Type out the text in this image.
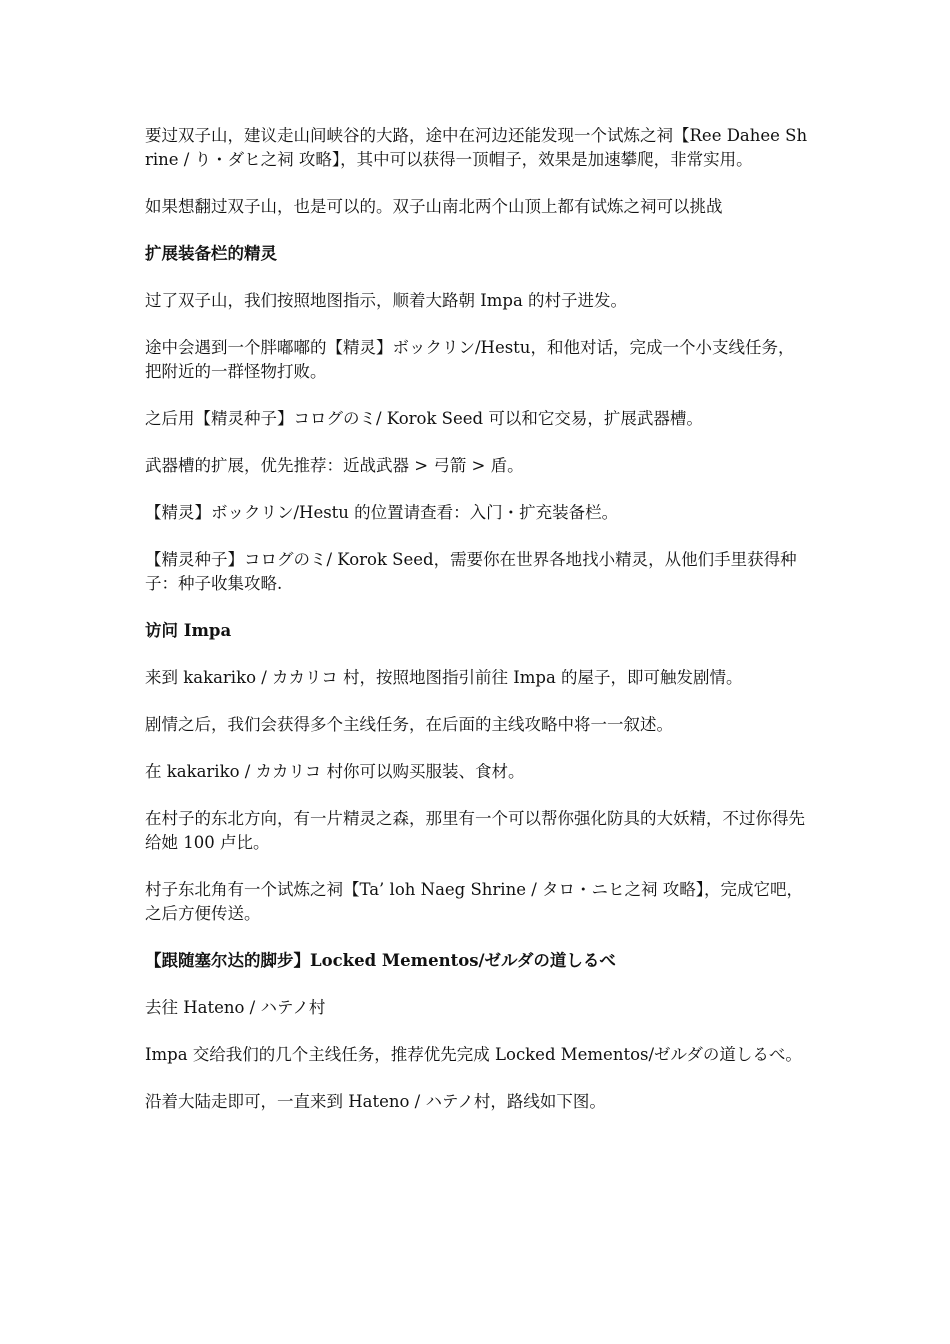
要过双子山，建议走山间峡谷的大路，途中在河边还能发现一个试炼之祠【Ree Dahee Shrine / り・ダヒ之祠 攻略】，其中可以获得一顶帽子，效果是加速攀爬，非常实用。

如果想翻过双子山，也是可以的。双子山南北两个山顶上都有试炼之祠可以挑战

扩展装备栏的精灵

过了双子山，我们按照地图指示，顺着大路朝 Impa 的村子进发。

途中会遇到一个胖嘟嘟的【精灵】ボックリン/Hestu，和他对话，完成一个小支线任务，把附近的一群怪物打败。

之后用【精灵种子】コログのミ/ Korok Seed 可以和它交易，扩展武器槽。

武器槽的扩展，优先推荐：近战武器 > 弓箭 > 盾。

【精灵】ボックリン/Hestu 的位置请查看：入门・扩充装备栏。

【精灵种子】コログのミ/ Korok Seed，需要你在世界各地找小精灵，从他们手里获得种子：种子收集攻略.

访问 Impa

来到 kakariko / カカリコ 村，按照地图指引前往 Impa 的屋子，即可触发剧情。

剧情之后，我们会获得多个主线任务，在后面的主线攻略中将一一叙述。

在 kakariko / カカリコ 村你可以购买服装、食材。

在村子的东北方向，有一片精灵之森，那里有一个可以帮你强化防具的大妖精，不过你得先给她 100 卢比。

村子东北角有一个试炼之祠【Ta’ loh Naeg Shrine / タロ・ニヒ之祠 攻略】，完成它吧，之后方便传送。

【跟随塞尔达的脚步】Locked Mementos/ゼルダの道しるべ

去往 Hateno / ハテノ村

Impa 交给我们的几个主线任务，推荐优先完成 Locked Mementos/ゼルダの道しるべ。

沿着大陆走即可，一直来到 Hateno / ハテノ村，路线如下图。
